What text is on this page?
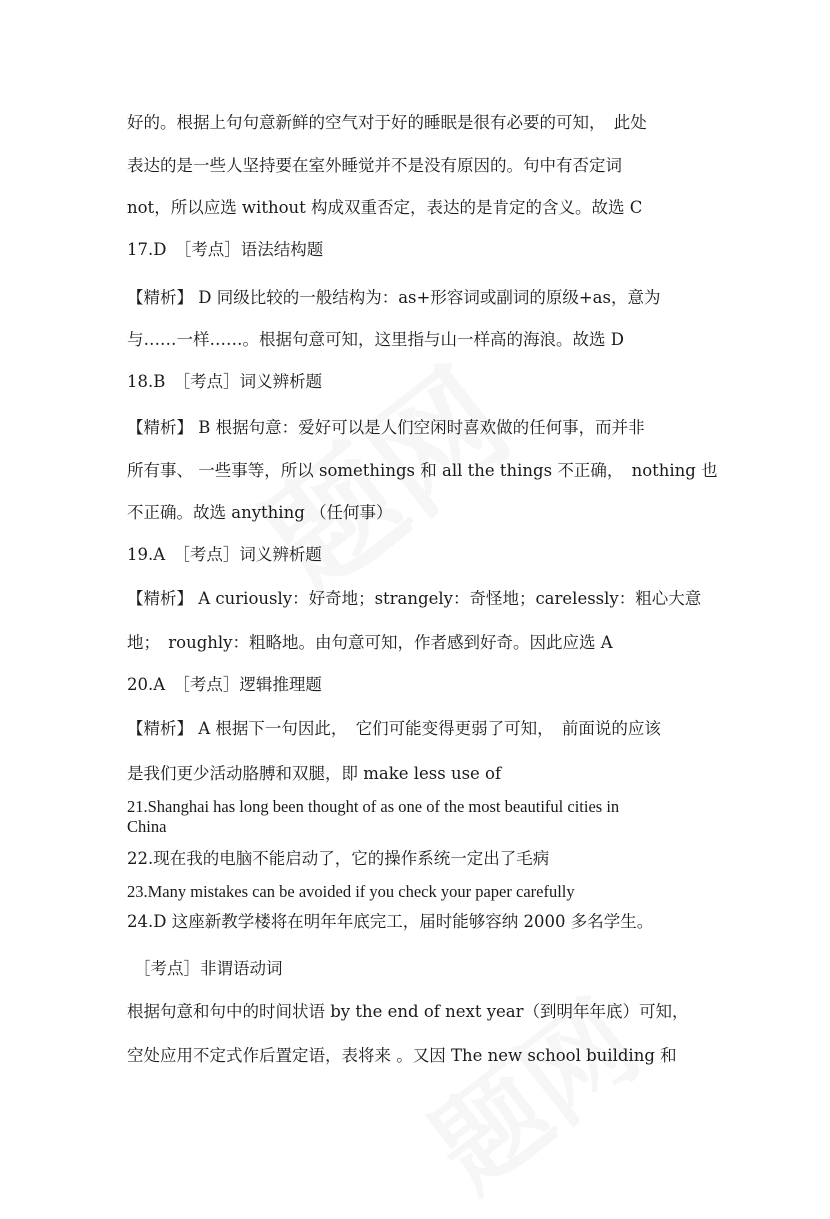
好的。根据上句句意新鲜的空气对于好的睡眠是很有必要的可知，　此处
表达的是一些人坚持要在室外睡觉并不是没有原因的。句中有否定词
not，所以应选 without 构成双重否定，表达的是肯定的含义。故选 C
17.D　［考点］语法结构题
【精析】 D 同级比较的一般结构为：as+形容词或副词的原级+as，意为
与……一样……。根据句意可知，这里指与山一样高的海浪。故选 D
18.B　［考点］词义辨析题
【精析】 B 根据句意：爱好可以是人们空闲时喜欢做的任何事，而并非
所有事、 一些事等，所以 somethings 和 all the things 不正确，　nothing 也
不正确。故选 anything （任何事）
19.A　［考点］词义辨析题
【精析】 A curiously：好奇地；strangely：奇怪地；carelessly：粗心大意
地；　roughly：粗略地。由句意可知，作者感到好奇。因此应选 A
20.A　［考点］逻辑推理题
【精析】 A 根据下一句因此，　它们可能变得更弱了可知，　前面说的应该
是我们更少活动胳膊和双腿，即 make less use of
21.Shanghai has long been thought of as one of the most beautiful cities in
China
22.现在我的电脑不能启动了，它的操作系统一定出了毛病
23.Many mistakes can be avoided if you check your paper carefully
24.D 这座新教学楼将在明年年底完工，届时能够容纳 2000 多名学生。
［考点］非谓语动词
根据句意和句中的时间状语 by the end of next year（到明年年底）可知，
空处应用不定式作后置定语，表将来 。又因 The new school building 和
